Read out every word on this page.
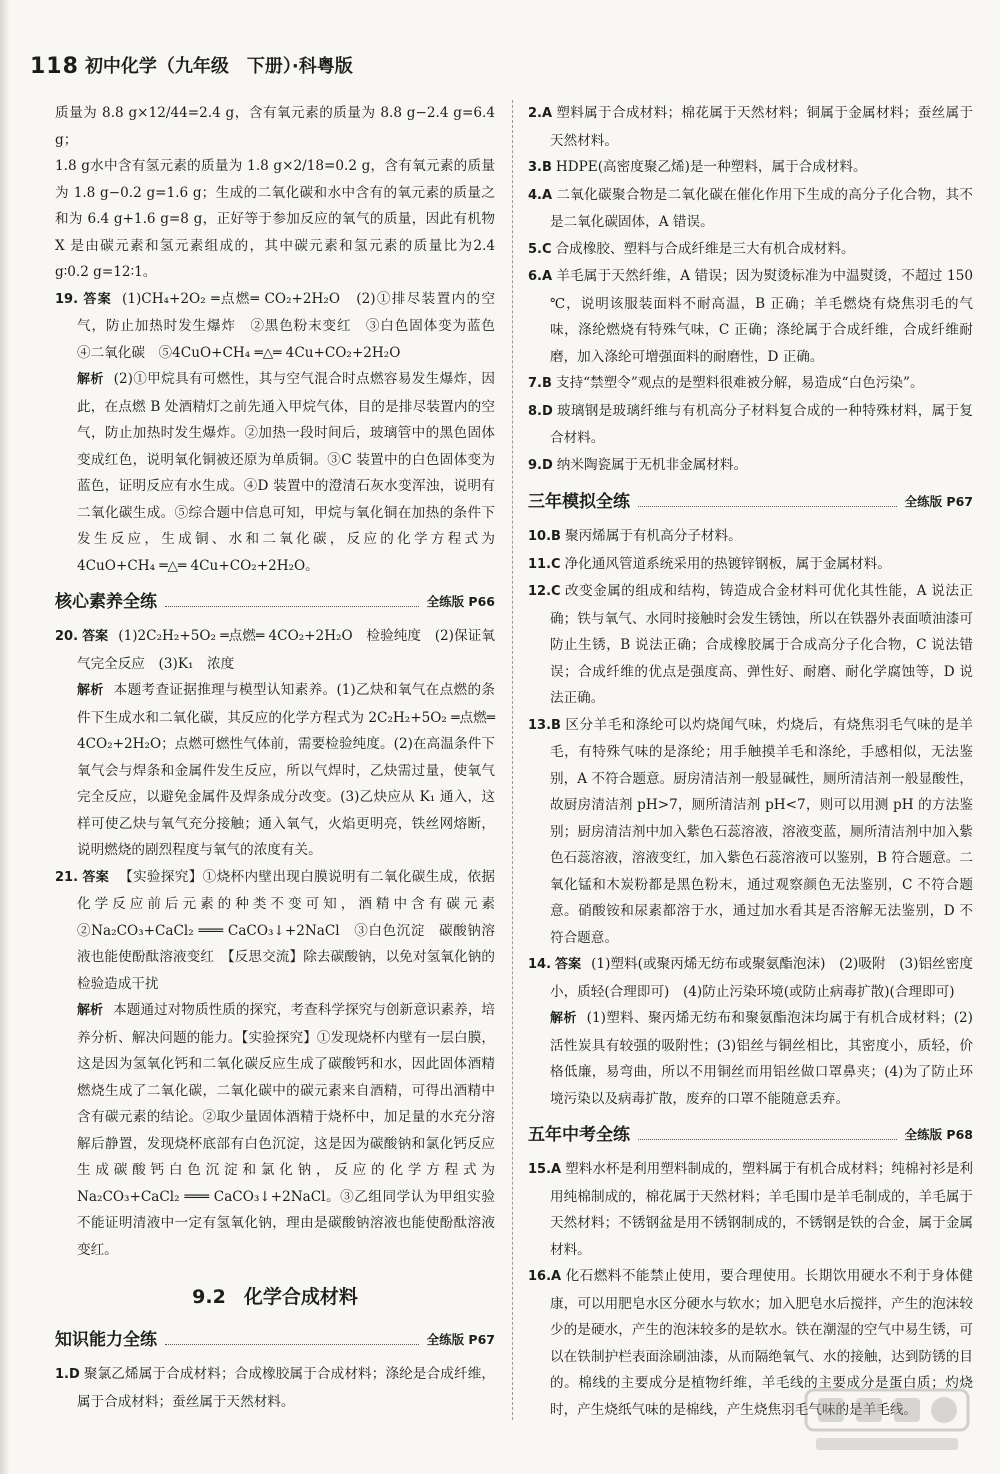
118 初中化学（九年级　下册）·科粤版

质量为 8.8 g×12/44=2.4 g，含有氧元素的质量为 8.8 g−2.4 g=6.4 g；

1.8 g水中含有氢元素的质量为 1.8 g×2/18=0.2 g，含有氧元素的质量为 1.8 g−0.2 g=1.6 g；生成的二氧化碳和水中含有的氧元素的质量之和为 6.4 g+1.6 g=8 g，正好等于参加反应的氧气的质量，因此有机物 X 是由碳元素和氢元素组成的，其中碳元素和氢元素的质量比为2.4 g∶0.2 g=12∶1。

19. 答案 (1)CH₄+2O₂ ═点燃═ CO₂+2H₂O　(2)①排尽装置内的空气，防止加热时发生爆炸　②黑色粉末变红　③白色固体变为蓝色　④二氧化碳　⑤4CuO+CH₄ ═△═ 4Cu+CO₂+2H₂O

解析 (2)①甲烷具有可燃性，其与空气混合时点燃容易发生爆炸，因此，在点燃 B 处酒精灯之前先通入甲烷气体，目的是排尽装置内的空气，防止加热时发生爆炸。②加热一段时间后，玻璃管中的黑色固体变成红色，说明氧化铜被还原为单质铜。③C 装置中的白色固体变为蓝色，证明反应有水生成。④D 装置中的澄清石灰水变浑浊，说明有二氧化碳生成。⑤综合题中信息可知，甲烷与氧化铜在加热的条件下发生反应，生成铜、水和二氧化碳，反应的化学方程式为 4CuO+CH₄ ═△═ 4Cu+CO₂+2H₂O。

核心素养全练	全练版 P66

20. 答案 (1)2C₂H₂+5O₂ ═点燃═ 4CO₂+2H₂O　检验纯度　(2)保证氧气完全反应　(3)K₁　浓度

解析 本题考查证据推理与模型认知素养。(1)乙炔和氧气在点燃的条件下生成水和二氧化碳，其反应的化学方程式为 2C₂H₂+5O₂ ═点燃═ 4CO₂+2H₂O；点燃可燃性气体前，需要检验纯度。(2)在高温条件下氧气会与焊条和金属件发生反应，所以气焊时，乙炔需过量，使氧气完全反应，以避免金属件及焊条成分改变。(3)乙炔应从 K₁ 通入，这样可使乙炔与氧气充分接触；通入氧气，火焰更明亮，铁丝网熔断，说明燃烧的剧烈程度与氧气的浓度有关。

21. 答案 【实验探究】①烧杯内壁出现白膜说明有二氧化碳生成，依据化学反应前后元素的种类不变可知，酒精中含有碳元素　②Na₂CO₃+CaCl₂ ═══ CaCO₃↓+2NaCl　③白色沉淀　碳酸钠溶液也能使酚酞溶液变红　【反思交流】除去碳酸钠，以免对氢氧化钠的检验造成干扰

解析 本题通过对物质性质的探究，考查科学探究与创新意识素养，培养分析、解决问题的能力。【实验探究】①发现烧杯内壁有一层白膜，这是因为氢氧化钙和二氧化碳反应生成了碳酸钙和水，因此固体酒精燃烧生成了二氧化碳，二氧化碳中的碳元素来自酒精，可得出酒精中含有碳元素的结论。②取少量固体酒精于烧杯中，加足量的水充分溶解后静置，发现烧杯底部有白色沉淀，这是因为碳酸钠和氯化钙反应生成碳酸钙白色沉淀和氯化钠，反应的化学方程式为 Na₂CO₃+CaCl₂ ═══ CaCO₃↓+2NaCl。③乙组同学认为甲组实验不能证明清液中一定有氢氧化钠，理由是碳酸钠溶液也能使酚酞溶液变红。

9.2 化学合成材料
知识能力全练	全练版 P67

1.D 聚氯乙烯属于合成材料；合成橡胶属于合成材料；涤纶是合成纤维，属于合成材料；蚕丝属于天然材料。

2.A 塑料属于合成材料；棉花属于天然材料；铜属于金属材料；蚕丝属于天然材料。

3.B HDPE(高密度聚乙烯)是一种塑料，属于合成材料。

4.A 二氧化碳聚合物是二氧化碳在催化作用下生成的高分子化合物，其不是二氧化碳固体，A 错误。

5.C 合成橡胶、塑料与合成纤维是三大有机合成材料。

6.A 羊毛属于天然纤维，A 错误；因为熨烫标准为中温熨烫，不超过 150 ℃，说明该服装面料不耐高温，B 正确；羊毛燃烧有烧焦羽毛的气味，涤纶燃烧有特殊气味，C 正确；涤纶属于合成纤维，合成纤维耐磨，加入涤纶可增强面料的耐磨性，D 正确。

7.B 支持“禁塑令”观点的是塑料很难被分解，易造成“白色污染”。

8.D 玻璃钢是玻璃纤维与有机高分子材料复合成的一种特殊材料，属于复合材料。

9.D 纳米陶瓷属于无机非金属材料。

三年模拟全练	全练版 P67

10.B 聚丙烯属于有机高分子材料。

11.C 净化通风管道系统采用的热镀锌钢板，属于金属材料。

12.C 改变金属的组成和结构，铸造成合金材料可优化其性能，A 说法正确；铁与氧气、水同时接触时会发生锈蚀，所以在铁器外表面喷油漆可防止生锈，B 说法正确；合成橡胶属于合成高分子化合物，C 说法错误；合成纤维的优点是强度高、弹性好、耐磨、耐化学腐蚀等，D 说法正确。

13.B 区分羊毛和涤纶可以灼烧闻气味，灼烧后，有烧焦羽毛气味的是羊毛，有特殊气味的是涤纶；用手触摸羊毛和涤纶，手感相似，无法鉴别，A 不符合题意。厨房清洁剂一般显碱性，厕所清洁剂一般显酸性，故厨房清洁剂 pH>7，厕所清洁剂 pH<7，则可以用测 pH 的方法鉴别；厨房清洁剂中加入紫色石蕊溶液，溶液变蓝，厕所清洁剂中加入紫色石蕊溶液，溶液变红，加入紫色石蕊溶液可以鉴别，B 符合题意。二氧化锰和木炭粉都是黑色粉末，通过观察颜色无法鉴别，C 不符合题意。硝酸铵和尿素都溶于水，通过加水看其是否溶解无法鉴别，D 不符合题意。

14. 答案 (1)塑料(或聚丙烯无纺布或聚氨酯泡沫)　(2)吸附　(3)铝丝密度小，质轻(合理即可)　(4)防止污染环境(或防止病毒扩散)(合理即可)

解析 (1)塑料、聚丙烯无纺布和聚氨酯泡沫均属于有机合成材料；(2)活性炭具有较强的吸附性；(3)铝丝与铜丝相比，其密度小，质轻，价格低廉，易弯曲，所以不用铜丝而用铝丝做口罩鼻夹；(4)为了防止环境污染以及病毒扩散，废弃的口罩不能随意丢弃。

五年中考全练	全练版 P68

15.A 塑料水杯是利用塑料制成的，塑料属于有机合成材料；纯棉衬衫是利用纯棉制成的，棉花属于天然材料；羊毛围巾是羊毛制成的，羊毛属于天然材料；不锈钢盆是用不锈钢制成的，不锈钢是铁的合金，属于金属材料。

16.A 化石燃料不能禁止使用，要合理使用。长期饮用硬水不利于身体健康，可以用肥皂水区分硬水与软水；加入肥皂水后搅拌，产生的泡沫较少的是硬水，产生的泡沫较多的是软水。铁在潮湿的空气中易生锈，可以在铁制护栏表面涂刷油漆，从而隔绝氧气、水的接触，达到防锈的目的。棉线的主要成分是植物纤维，羊毛线的主要成分是蛋白质；灼烧时，产生烧纸气味的是棉线，产生烧焦羽毛气味的是羊毛线。
